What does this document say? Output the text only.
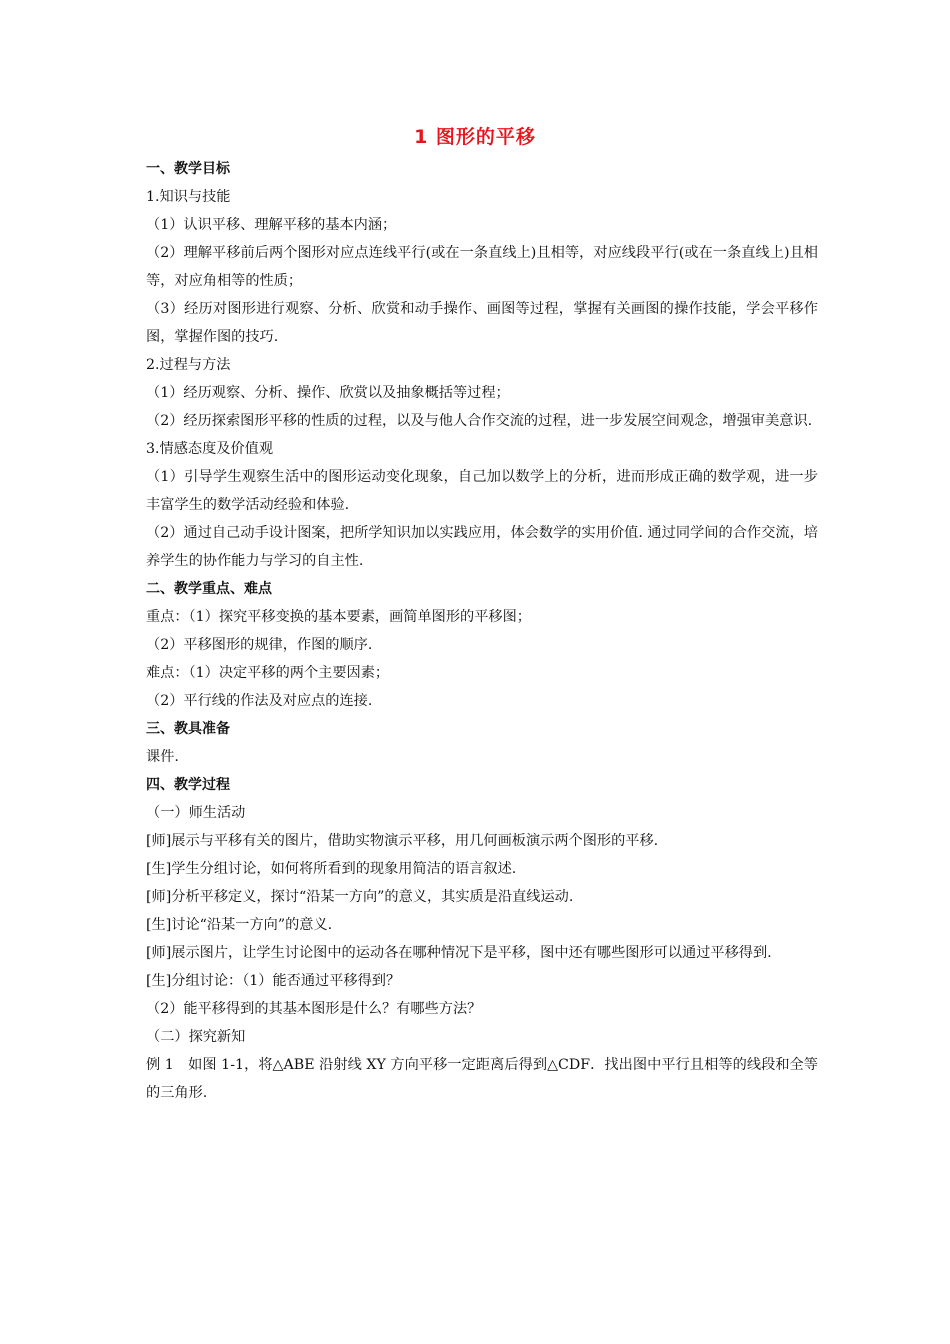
1 图形的平移
一、教学目标
1.知识与技能
（1）认识平移、理解平移的基本内涵；
（2）理解平移前后两个图形对应点连线平行(或在一条直线上)且相等，对应线段平行(或在一条直线上)且相等，对应角相等的性质；
（3）经历对图形进行观察、分析、欣赏和动手操作、画图等过程，掌握有关画图的操作技能，学会平移作图，掌握作图的技巧.
2.过程与方法
（1）经历观察、分析、操作、欣赏以及抽象概括等过程；
（2）经历探索图形平移的性质的过程，以及与他人合作交流的过程，进一步发展空间观念，增强审美意识.
3.情感态度及价值观
（1）引导学生观察生活中的图形运动变化现象，自己加以数学上的分析，进而形成正确的数学观，进一步丰富学生的数学活动经验和体验.
（2）通过自己动手设计图案，把所学知识加以实践应用，体会数学的实用价值. 通过同学间的合作交流，培养学生的协作能力与学习的自主性.
二、教学重点、难点
重点：（1）探究平移变换的基本要素，画简单图形的平移图；
（2）平移图形的规律，作图的顺序.
难点：（1）决定平移的两个主要因素；
（2）平行线的作法及对应点的连接.
三、教具准备
课件.
四、教学过程
（一）师生活动
[师]展示与平移有关的图片，借助实物演示平移，用几何画板演示两个图形的平移.
[生]学生分组讨论，如何将所看到的现象用简洁的语言叙述.
[师]分析平移定义，探讨“沿某一方向”的意义，其实质是沿直线运动.
[生]讨论“沿某一方向”的意义.
[师]展示图片，让学生讨论图中的运动各在哪种情况下是平移，图中还有哪些图形可以通过平移得到.
[生]分组讨论：（1）能否通过平移得到？
（2）能平移得到的其基本图形是什么？有哪些方法？
（二）探究新知
例 1　如图 1-1，将△ABE 沿射线 XY 方向平移一定距离后得到△CDF．找出图中平行且相等的线段和全等的三角形.
